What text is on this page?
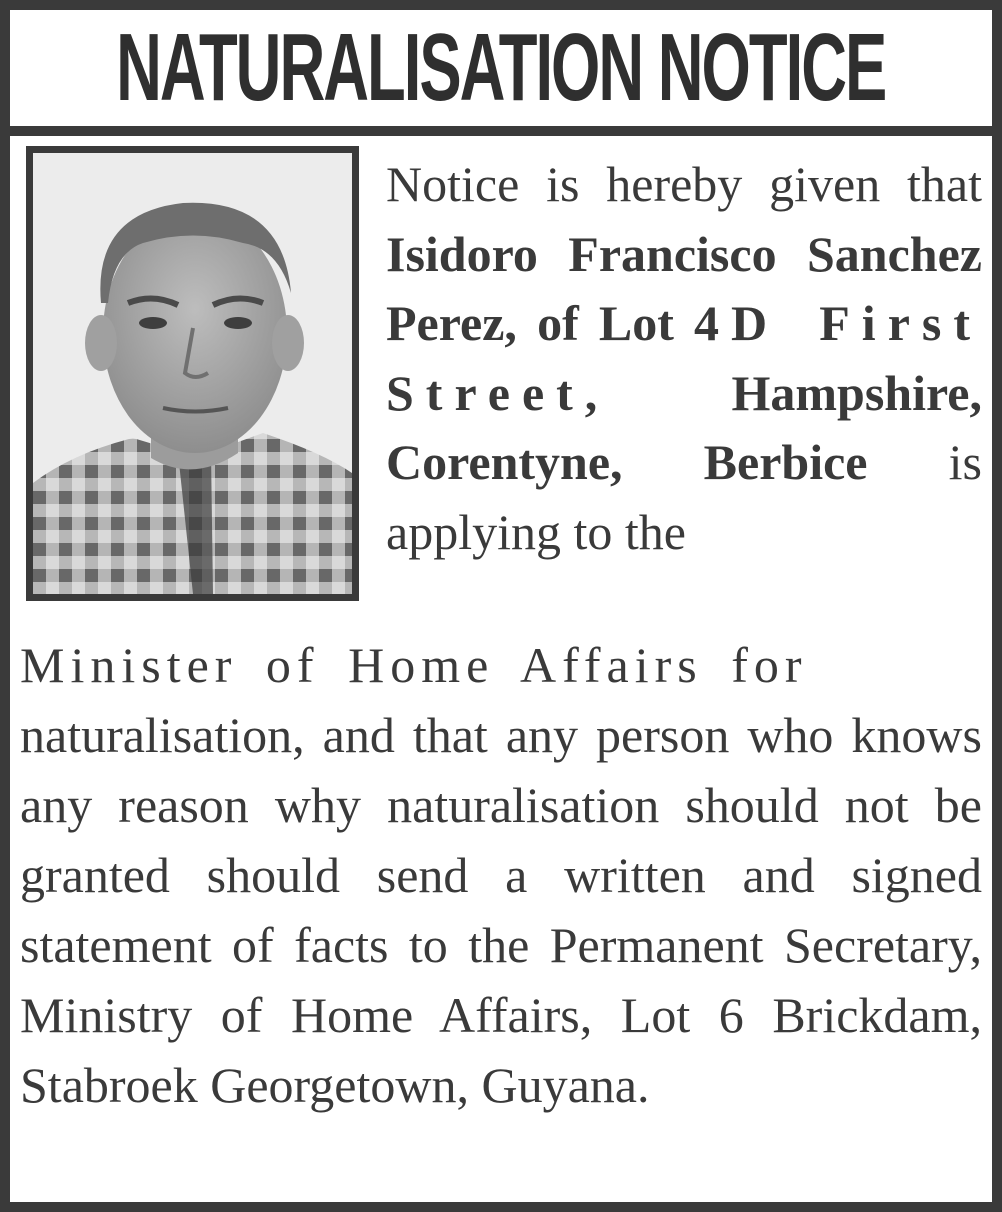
NATURALISATION NOTICE

Notice is hereby given that Isidoro Francisco Sanchez Perez, of Lot 4D First Street, Hampshire, Corentyne, Berbice is applying to the

Minister of Home Affairs for
naturalisation, and that any person who knows any reason why naturalisation should not be granted should send a written and signed statement of facts to the Permanent Secretary, Ministry of Home Affairs, Lot 6 Brickdam, Stabroek Georgetown, Guyana.
